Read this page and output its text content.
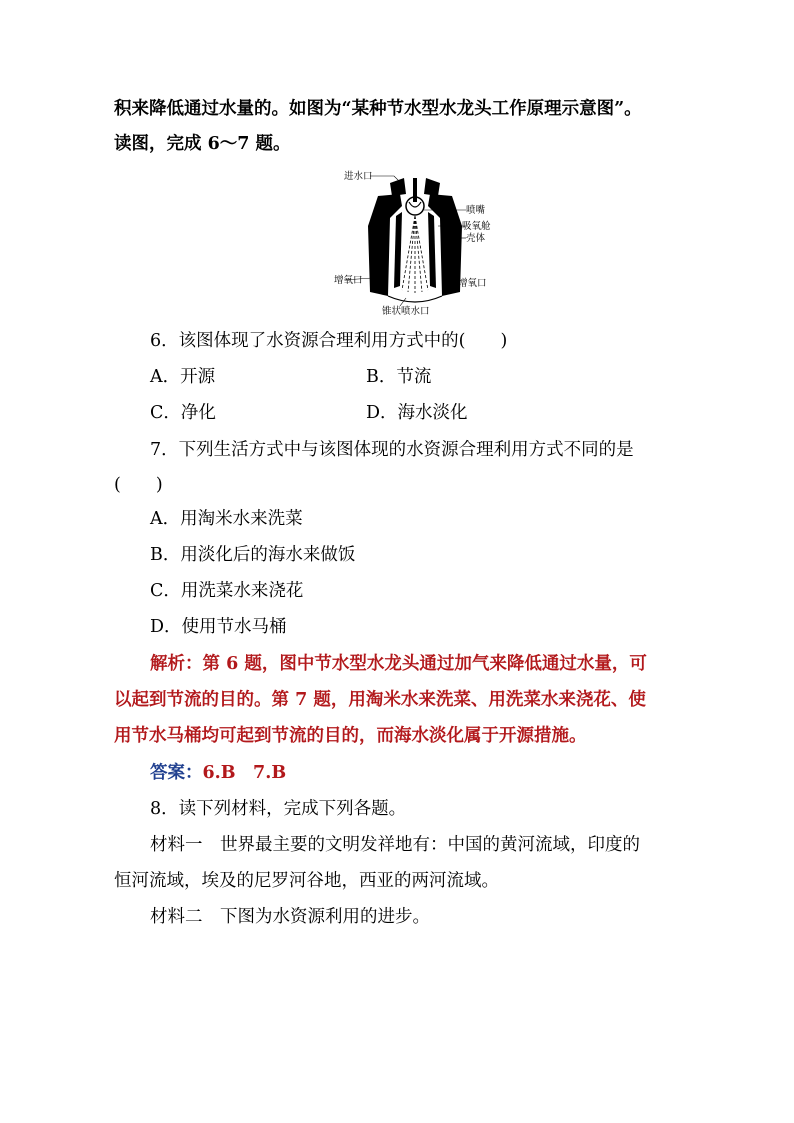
积来降低通过水量的。如图为“某种节水型水龙头工作原理示意图”。
读图，完成 6～7 题。
进水口
喷嘴
吸氧舱
壳体
增氧口	增氧口
锥状喷水口
6．该图体现了水资源合理利用方式中的(　　)
A．开源	B．节流
C．净化	D．海水淡化
7．下列生活方式中与该图体现的水资源合理利用方式不同的是
(　　)
A．用淘米水来洗菜
B．用淡化后的海水来做饭
C．用洗菜水来浇花
D．使用节水马桶
解析：第 6 题，图中节水型水龙头通过加气来降低通过水量，可
以起到节流的目的。第 7 题，用淘米水来洗菜、用洗菜水来浇花、使
用节水马桶均可起到节流的目的，而海水淡化属于开源措施。
答案：6.B　7.B
8．读下列材料，完成下列各题。
材料一　世界最主要的文明发祥地有：中国的黄河流域，印度的
恒河流域，埃及的尼罗河谷地，西亚的两河流域。
材料二　下图为水资源利用的进步。
